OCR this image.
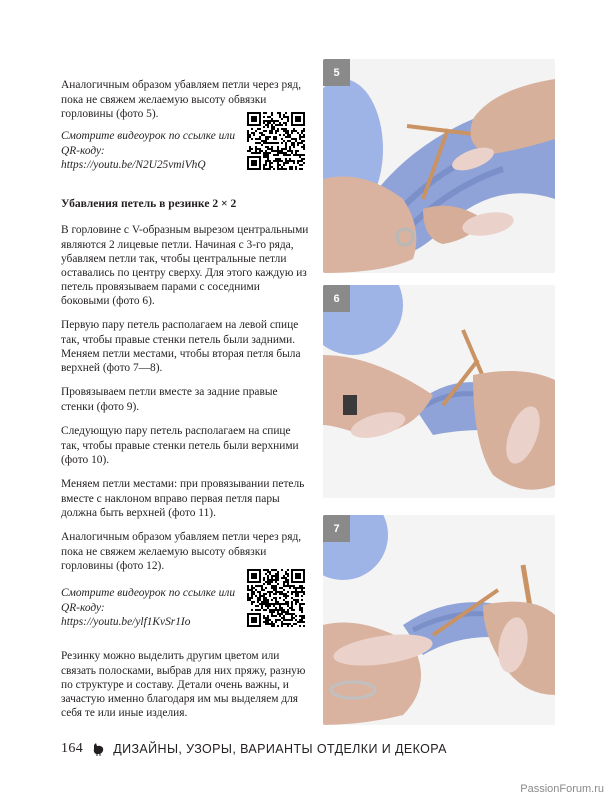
Аналогичным образом убавляем петли через ряд, пока не свяжем желаемую высоту обвязки горловины (фото 5).

Смотрите видеоурок по ссылке или QR-коду: https://youtu.be/N2U25vmiVhQ

Убавления петель в резинке 2 × 2

В горловине с V-образным вырезом центральными являются 2 лицевые петли. Начиная с 3-го ряда, убавляем петли так, чтобы центральные петли оставались по центру сверху. Для этого каждую из петель провязываем парами с соседними боковыми (фото 6).

Первую пару петель располагаем на левой спице так, чтобы правые стенки петель были задними. Меняем петли местами, чтобы вторая петля была верхней (фото 7—8).

Провязываем петли вместе за задние правые стенки (фото 9).

Следующую пару петель располагаем на спице так, чтобы правые стенки петель были верхними (фото 10).

Меняем петли местами: при провязывании петель вместе с наклоном вправо первая петля пары должна быть верхней (фото 11).

Аналогичным образом убавляем петли через ряд, пока не свяжем желаемую высоту обвязки горловины (фото 12).

Смотрите видеоурок по ссылке или QR-коду: https://youtu.be/ylf1KvSr1Io

Резинку можно выделить другим цветом или связать полосками, выбрав для них пряжу, разную по структуре и составу. Детали очень важны, и зачастую именно благодаря им мы выделяем для себя те или иные изделия.

5
6
7
164 ДИЗАЙНЫ, УЗОРЫ, ВАРИАНТЫ ОТДЕЛКИ И ДЕКОРА
PassionForum.ru
